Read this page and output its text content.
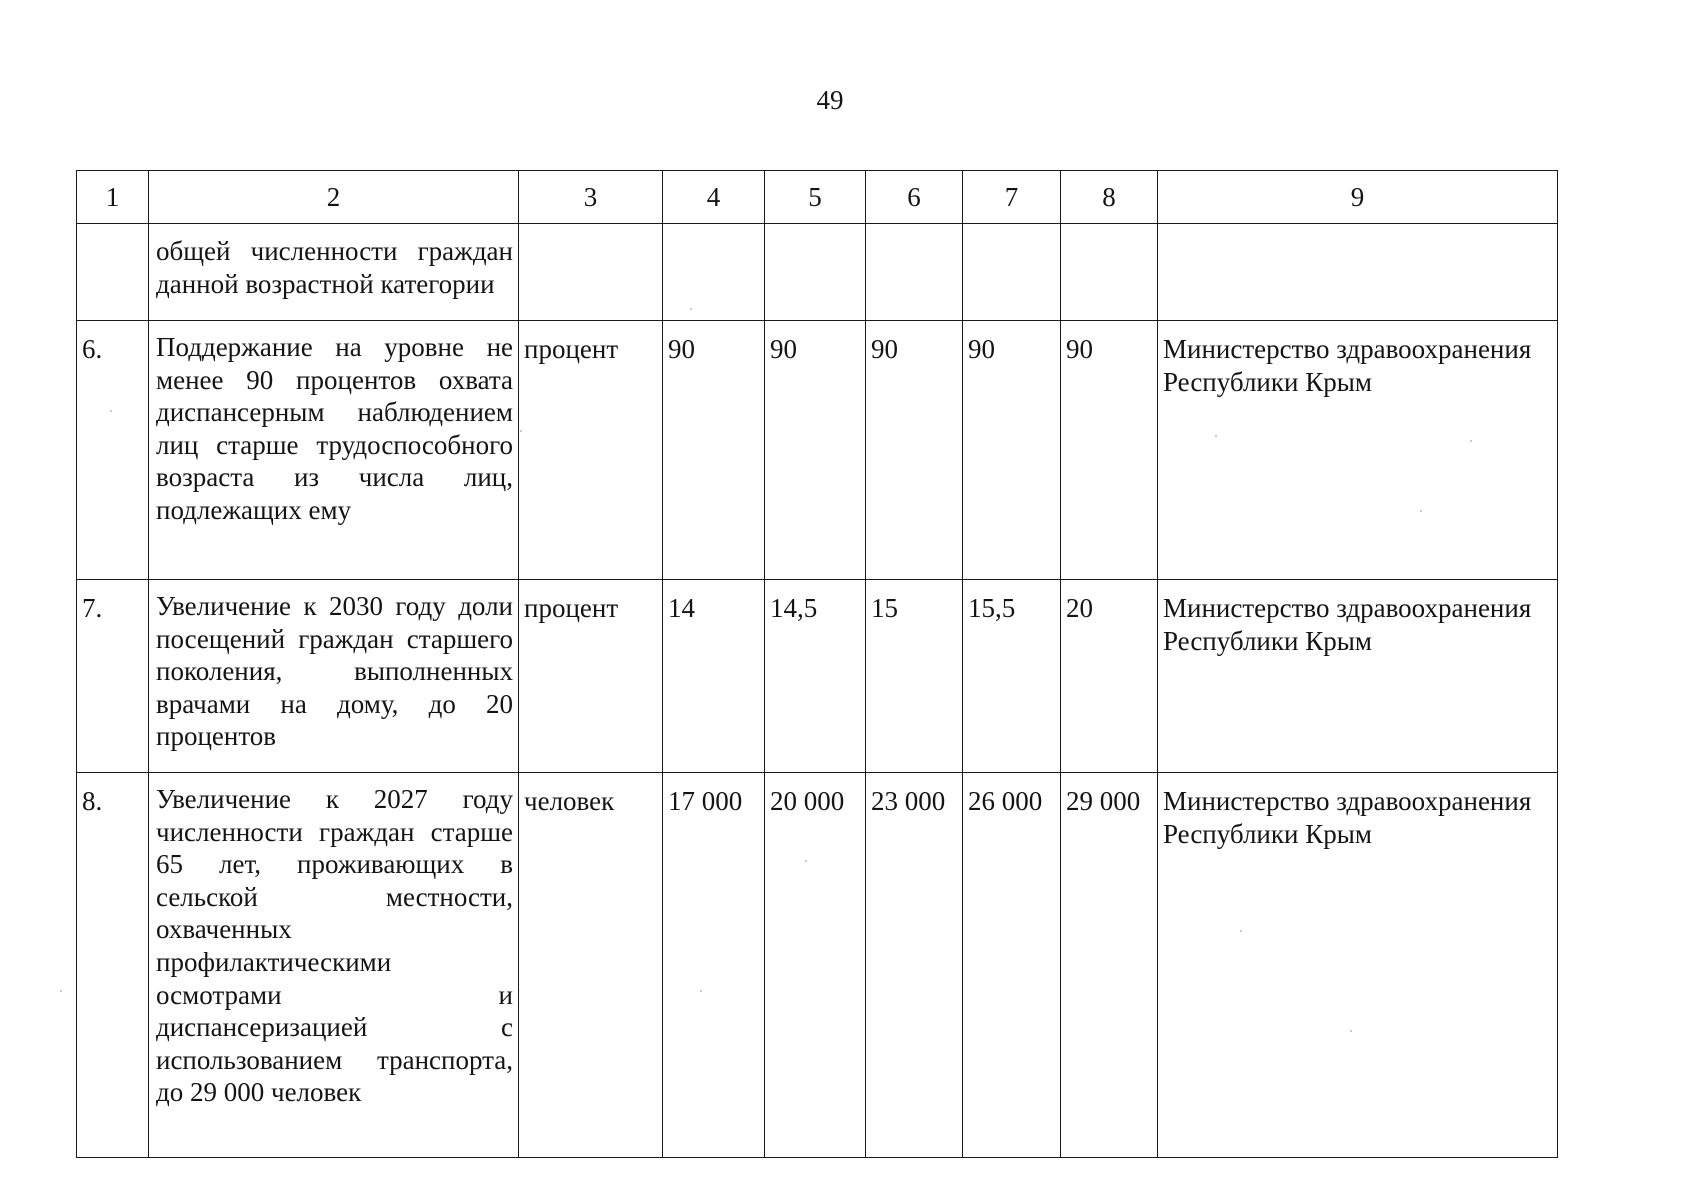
49
1	2	3	4	5	6	7	8	9
	общей численности граждан данной возрастной категории							
6.	Поддержание на уровне не менее 90 процентов охвата диспансерным наблюдением лиц старше трудоспособного возраста из числа лиц, подлежащих ему	процент	90	90	90	90	90	Министерство здравоохранения Республики Крым
7.	Увеличение к 2030 году доли посещений граждан старшего поколения, выполненных врачами на дому, до 20 процентов	процент	14	14,5	15	15,5	20	Министерство здравоохранения Республики Крым
8.	Увеличение к 2027 году численности граждан старше 65 лет, проживающих в сельской местности, охваченных профилактическими осмотрами и диспансеризацией с использованием транспорта, до 29 000 человек	человек	17 000	20 000	23 000	26 000	29 000	Министерство здравоохранения Республики Крым
